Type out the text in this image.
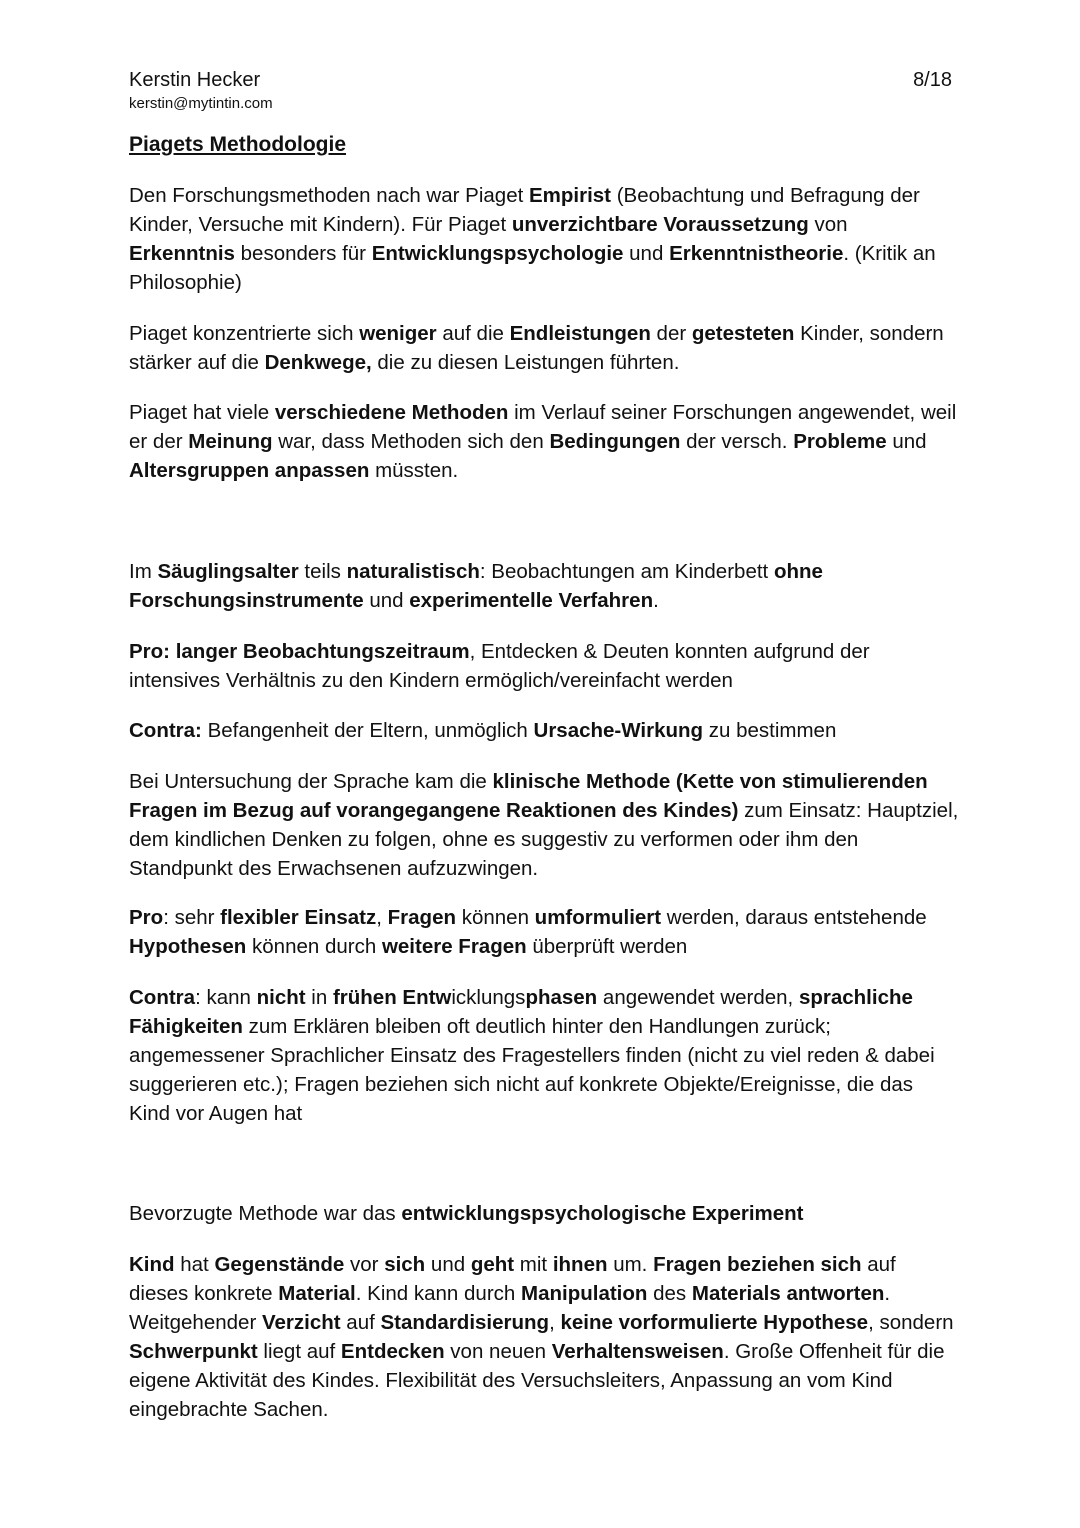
Kerstin Hecker
kerstin@mytintin.com
8/18
Piagets Methodologie

Den Forschungsmethoden nach war Piaget Empirist (Beobachtung und Befragung der Kinder, Versuche mit Kindern). Für Piaget unverzichtbare Voraussetzung von Erkenntnis besonders für Entwicklungspsychologie und Erkenntnistheorie. (Kritik an Philosophie)

Piaget konzentrierte sich weniger auf die Endleistungen der getesteten Kinder, sondern stärker auf die Denkwege, die zu diesen Leistungen führten.

Piaget hat viele verschiedene Methoden im Verlauf seiner Forschungen angewendet, weil er der Meinung war, dass Methoden sich den Bedingungen der versch. Probleme und Altersgruppen anpassen müssten.

Im Säuglingsalter teils naturalistisch: Beobachtungen am Kinderbett ohne Forschungsinstrumente und experimentelle Verfahren.

Pro: langer Beobachtungszeitraum, Entdecken & Deuten konnten aufgrund der intensives Verhältnis zu den Kindern ermöglich/vereinfacht werden

Contra: Befangenheit der Eltern, unmöglich Ursache-Wirkung zu bestimmen

Bei Untersuchung der Sprache kam die klinische Methode (Kette von stimulierenden Fragen im Bezug auf vorangegangene Reaktionen des Kindes) zum Einsatz: Hauptziel, dem kindlichen Denken zu folgen, ohne es suggestiv zu verformen oder ihm den Standpunkt des Erwachsenen aufzuzwingen.

Pro: sehr flexibler Einsatz, Fragen können umformuliert werden, daraus entstehende Hypothesen können durch weitere Fragen überprüft werden

Contra: kann nicht in frühen Entwicklungsphasen angewendet werden, sprachliche Fähigkeiten zum Erklären bleiben oft deutlich hinter den Handlungen zurück; angemessener Sprachlicher Einsatz des Fragestellers finden (nicht zu viel reden & dabei suggerieren etc.); Fragen beziehen sich nicht auf konkrete Objekte/Ereignisse, die das Kind vor Augen hat

Bevorzugte Methode war das entwicklungspsychologische Experiment

Kind hat Gegenstände vor sich und geht mit ihnen um. Fragen beziehen sich auf dieses konkrete Material. Kind kann durch Manipulation des Materials antworten. Weitgehender Verzicht auf Standardisierung, keine vorformulierte Hypothese, sondern Schwerpunkt liegt auf Entdecken von neuen Verhaltensweisen. Große Offenheit für die eigene Aktivität des Kindes. Flexibilität des Versuchsleiters, Anpassung an vom Kind eingebrachte Sachen.
